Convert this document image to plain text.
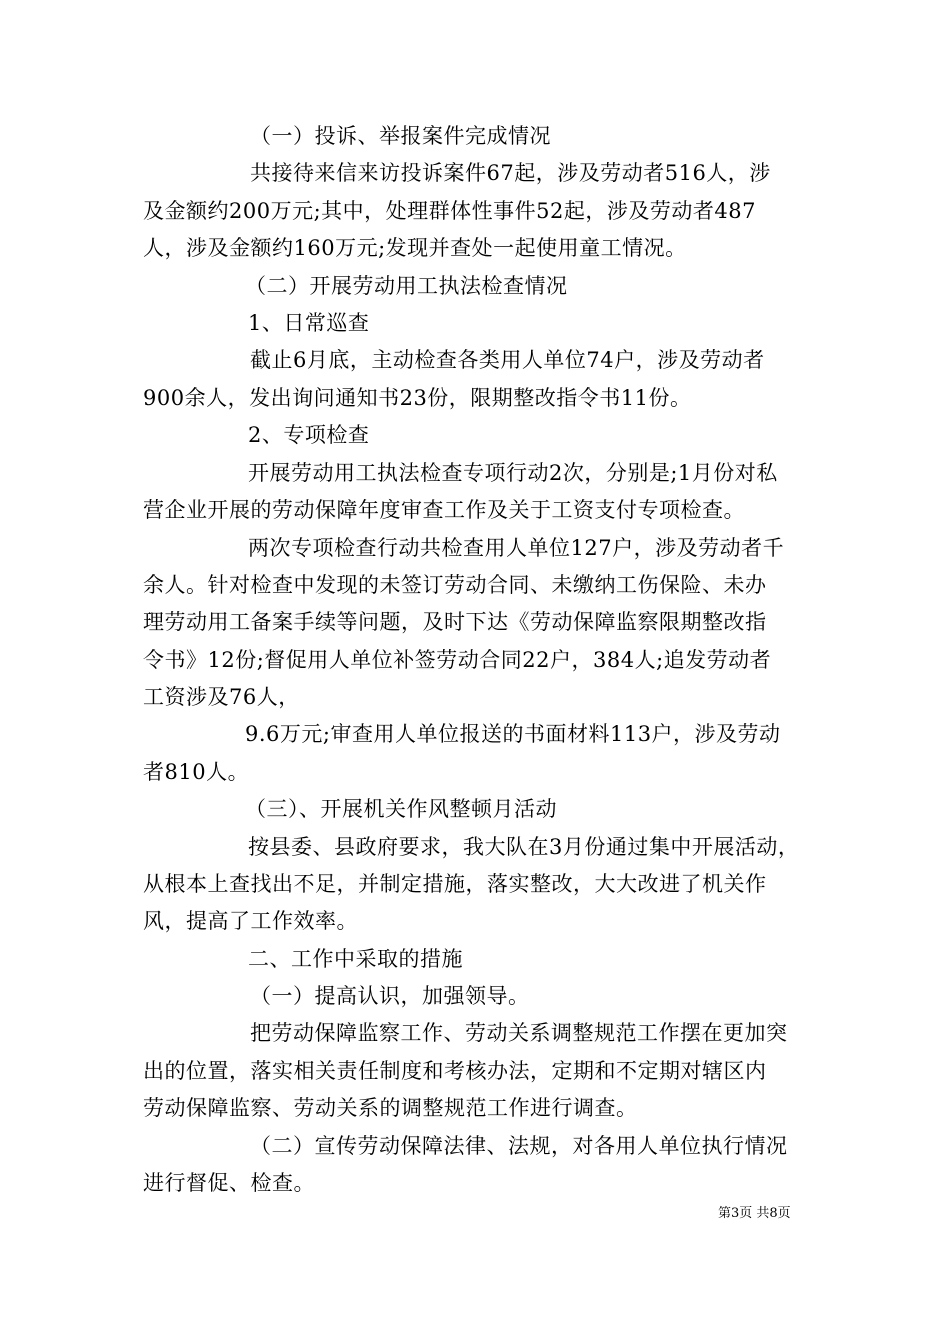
（一）投诉、举报案件完成情况
共接待来信来访投诉案件67起，涉及劳动者516人，涉
及金额约200万元;其中，处理群体性事件52起，涉及劳动者487
人，涉及金额约160万元;发现并查处一起使用童工情况。
（二）开展劳动用工执法检查情况
1、日常巡查
截止6月底，主动检查各类用人单位74户，涉及劳动者
900余人，发出询问通知书23份，限期整改指令书11份。
2、专项检查
开展劳动用工执法检查专项行动2次，分别是;1月份对私
营企业开展的劳动保障年度审查工作及关于工资支付专项检查。
两次专项检查行动共检查用人单位127户，涉及劳动者千
余人。针对检查中发现的未签订劳动合同、未缴纳工伤保险、未办
理劳动用工备案手续等问题，及时下达《劳动保障监察限期整改指
令书》12份;督促用人单位补签劳动合同22户，384人;追发劳动者
工资涉及76人，
9.6万元;审查用人单位报送的书面材料113户，涉及劳动
者810人。
（三）、开展机关作风整顿月活动
按县委、县政府要求，我大队在3月份通过集中开展活动，
从根本上查找出不足，并制定措施，落实整改，大大改进了机关作
风，提高了工作效率。
二、工作中采取的措施
（一）提高认识，加强领导。
把劳动保障监察工作、劳动关系调整规范工作摆在更加突
出的位置，落实相关责任制度和考核办法，定期和不定期对辖区内
劳动保障监察、劳动关系的调整规范工作进行调查。
（二）宣传劳动保障法律、法规，对各用人单位执行情况
进行督促、检查。
第3页 共8页
